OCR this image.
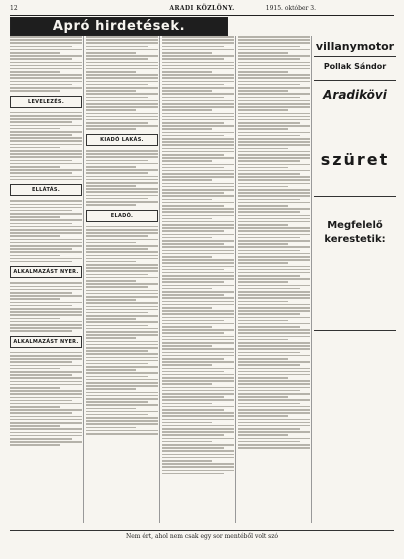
12	ARADI KÖZLÖNY.	1915. október 3.
Apró hirdetések.
LEVELEZÉS.
ELLÁTÁS.
ALKALMAZÁST NYER.
ALKALMAZÁST NYER.
KIADÓ LAKÁS.
ELADÓ.
villanymotor
Pollak Sándor
Aradikövi
szüret
Megfelelő
kerestetik:
Nem ért, ahol nem csak egy sor mentéből volt szó
